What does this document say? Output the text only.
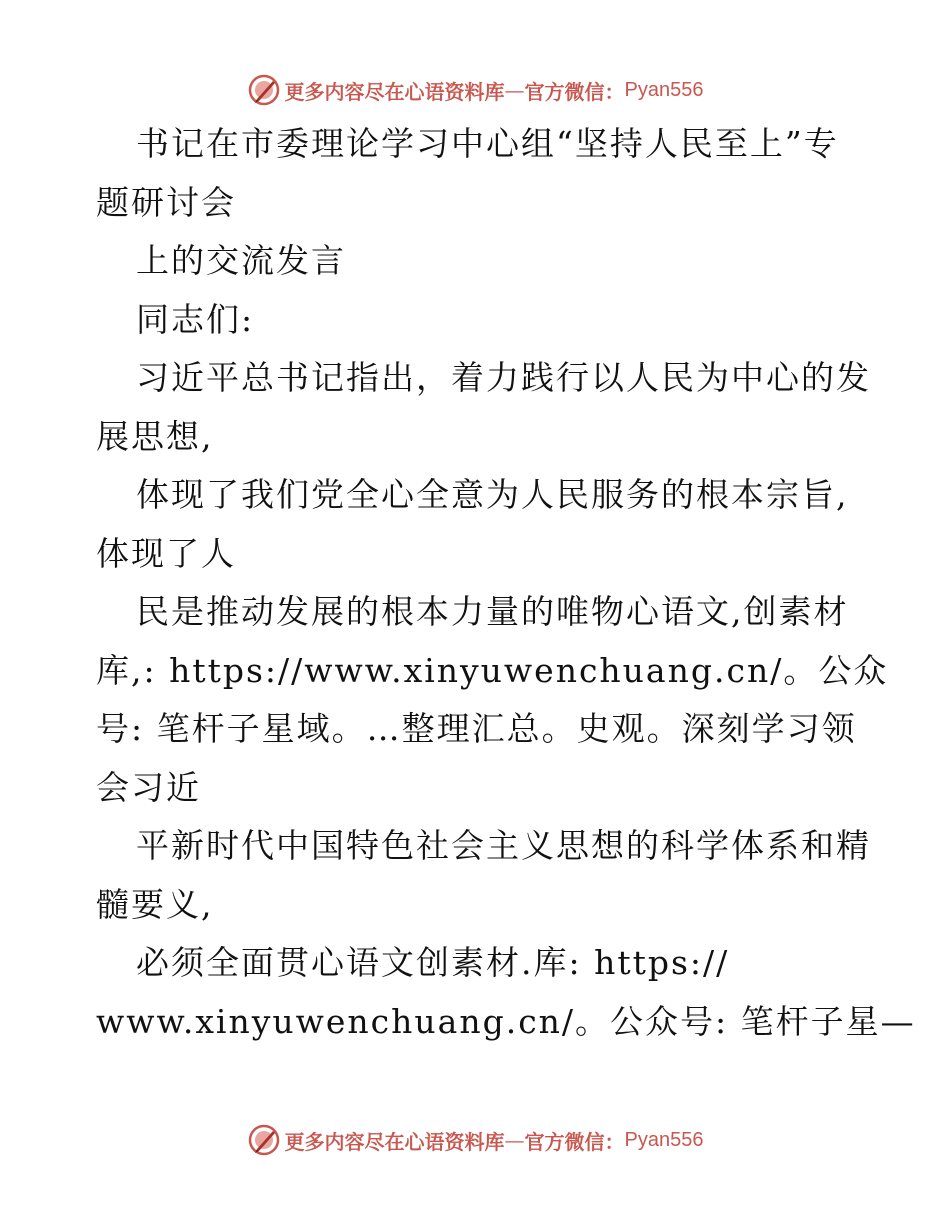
更多内容尽在心语资料库 — 官方微信： Pyan556
书记在市委理论学习中心组“坚持人民至上”专
题研讨会
上的交流发言
同志们:
习近平总书记指出，着力践行以人民为中心的发
展思想,
体现了我们党全心全意为人民服务的根本宗旨,
体现了人
民是推动发展的根本力量的唯物心语文,创素材
库,: https://www.xinyuwenchuang.cn/。公众
号: 笔杆子星域。…整理汇总。史观。深刻学习领
会习近
平新时代中国特色社会主义思想的科学体系和精
髓要义,
必须全面贯心语文创素材.库: https://
www.xinyuwenchuang.cn/。公众号: 笔杆子星—
更多内容尽在心语资料库 — 官方微信： Pyan556
